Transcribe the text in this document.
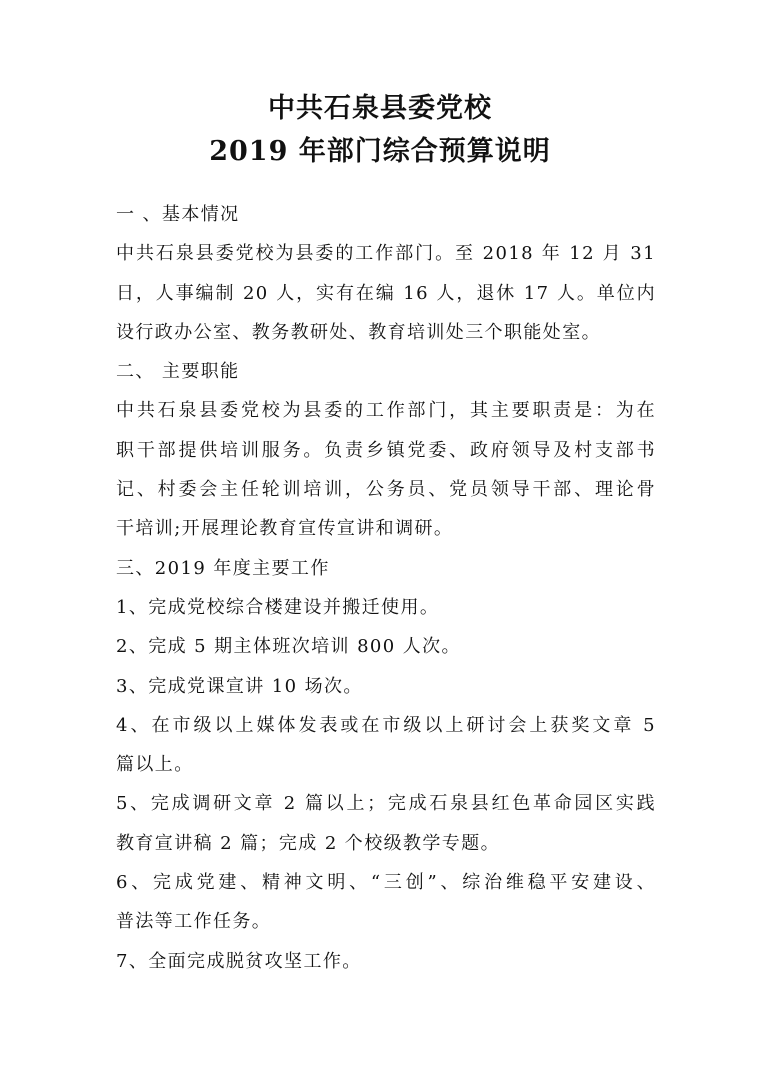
中共石泉县委党校
2019 年部门综合预算说明
一 、基本情况
中共石泉县委党校为县委的工作部门。至 2018 年 12 月 31
日，人事编制 20 人，实有在编 16 人，退休 17 人。单位内
设行政办公室、教务教研处、教育培训处三个职能处室。
二、 主要职能
中共石泉县委党校为县委的工作部门，其主要职责是：为在
职干部提供培训服务。负责乡镇党委、政府领导及村支部书
记、村委会主任轮训培训，公务员、党员领导干部、理论骨
干培训;开展理论教育宣传宣讲和调研。
三、2019 年度主要工作
1、完成党校综合楼建设并搬迁使用。
2、完成 5 期主体班次培训 800 人次。
3、完成党课宣讲 10 场次。
4、在市级以上媒体发表或在市级以上研讨会上获奖文章 5
篇以上。
5、完成调研文章 2 篇以上；完成石泉县红色革命园区实践
教育宣讲稿 2 篇；完成 2 个校级教学专题。
6、完成党建、精神文明、“三创”、综治维稳平安建设、
普法等工作任务。
7、全面完成脱贫攻坚工作。
